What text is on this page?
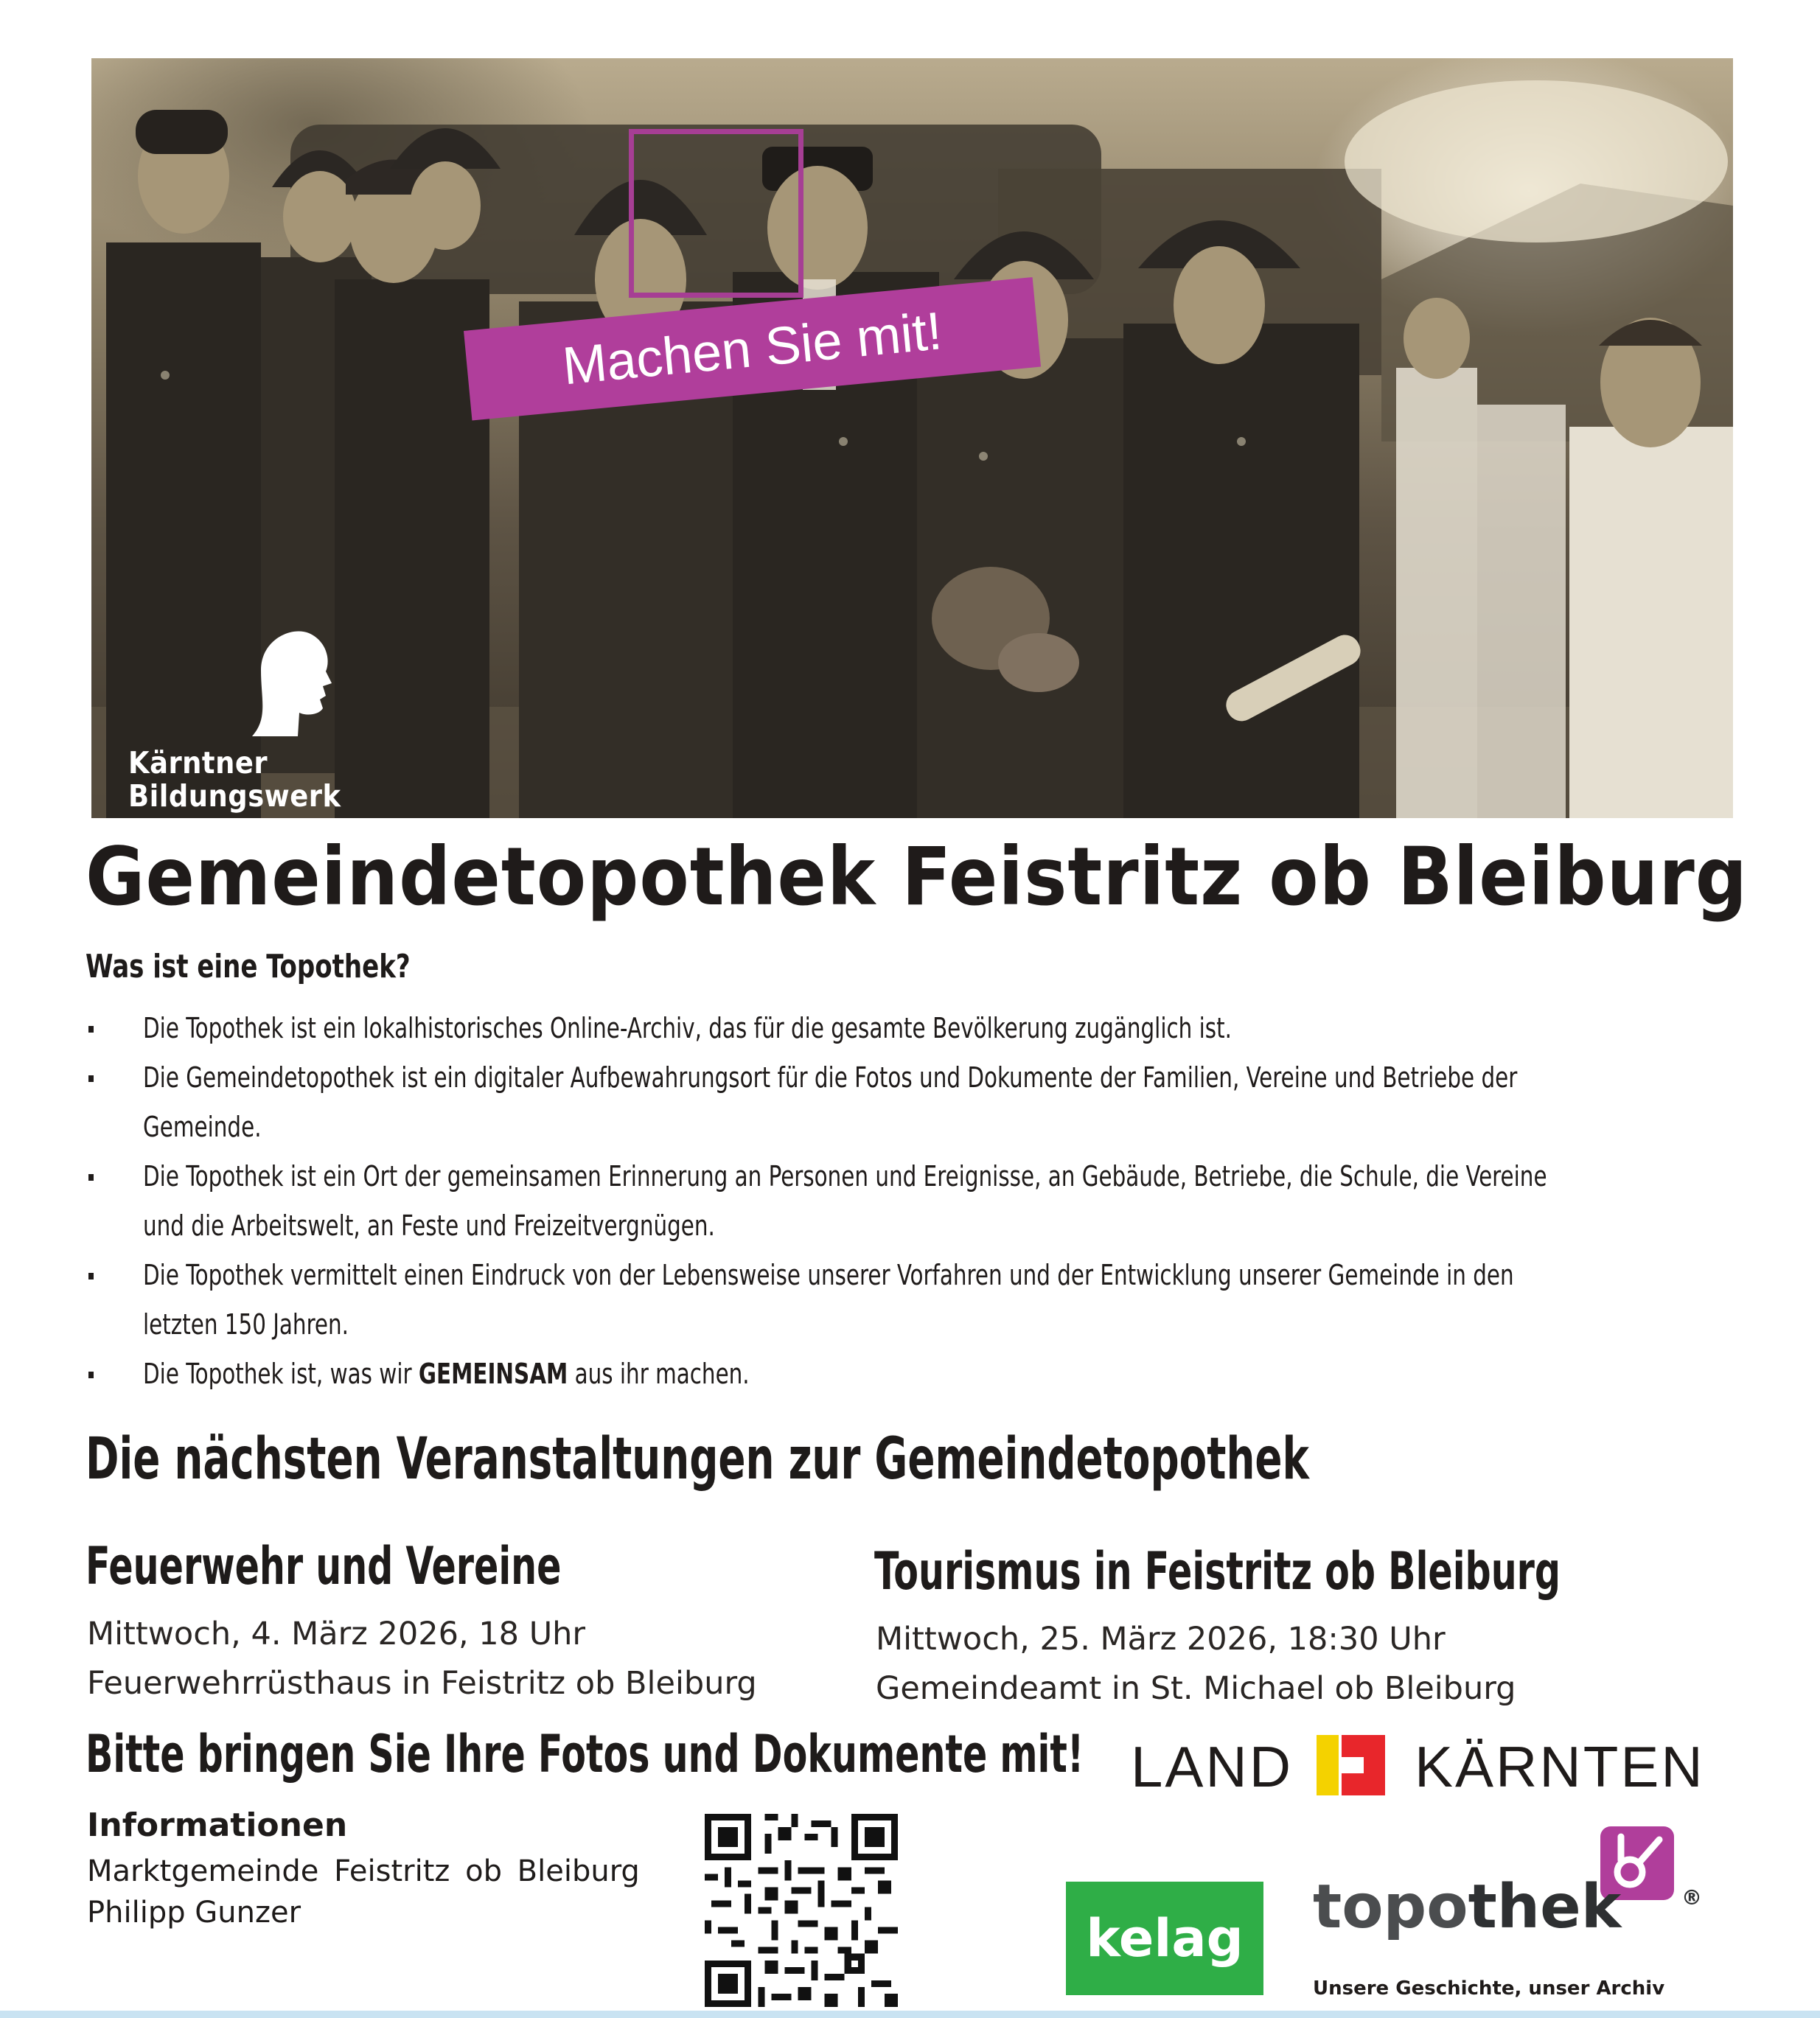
Machen Sie mit!
Kärntner
Bildungswerk
Gemeindetopothek Feistritz ob Bleiburg
Was ist eine Topothek?
Die Topothek ist ein lokalhistorisches Online-Archiv, das für die gesamte Bevölkerung zugänglich ist.
Die Gemeindetopothek ist ein digitaler Aufbewahrungsort für die Fotos und Dokumente der Familien, Vereine und Betriebe der Gemeinde.
Die Topothek ist ein Ort der gemeinsamen Erinnerung an Personen und Ereignisse, an Gebäude, Betriebe, die Schule, die Vereine und die Arbeitswelt, an Feste und Freizeitvergnügen.
Die Topothek vermittelt einen Eindruck von der Lebensweise unserer Vorfahren und der Entwicklung unserer Gemeinde in den letzten 150 Jahren.
Die Topothek ist, was wir GEMEINSAM aus ihr machen.
Die nächsten Veranstaltungen zur Gemeindetopothek
Feuerwehr und Vereine
Mittwoch, 4. März 2026, 18 Uhr
Feuerwehrrüsthaus in Feistritz ob Bleiburg
Tourismus in Feistritz ob Bleiburg
Mittwoch, 25. März 2026, 18:30 Uhr
Gemeindeamt in St. Michael ob Bleiburg
Bitte bringen Sie Ihre Fotos und Dokumente mit!
Informationen
Marktgemeinde Feistritz ob Bleiburg
Philipp Gunzer
LAND KÄRNTEN
kelag	topothek	®
Unsere Geschichte, unser Archiv
